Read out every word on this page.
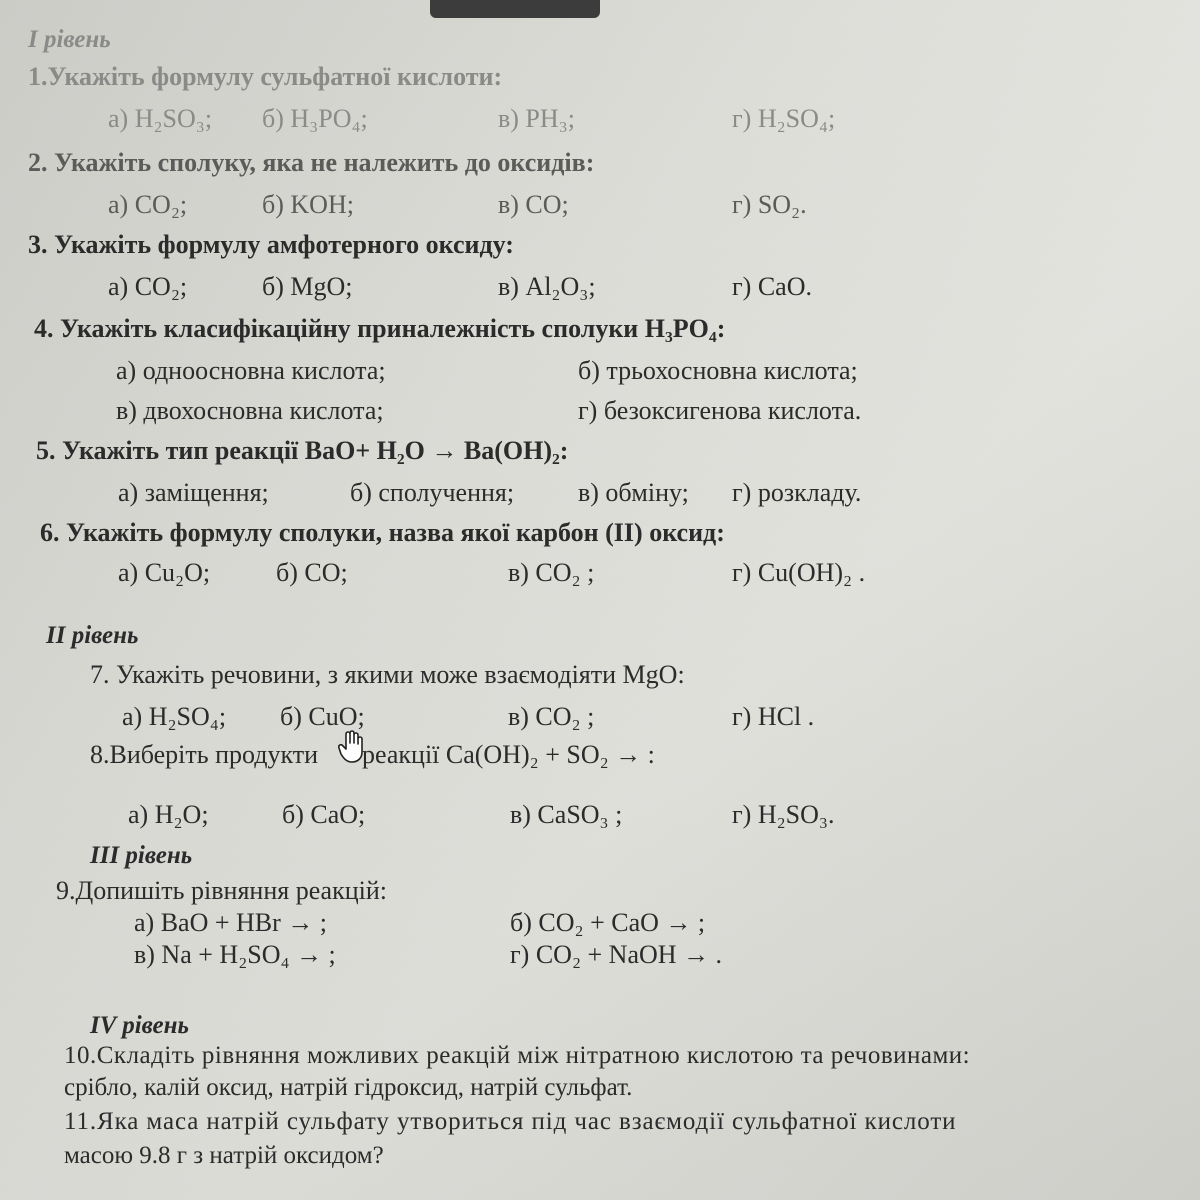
І рівень
1.Укажіть формулу сульфатної кислоти:
а) H₂SO₃; б) H₃PO₄;	в) PH₃;	г) H₂SO₄;
2. Укажіть сполуку, яка не належить до оксидів:
а) CO₂;	б) KOH;	в) CO;	г) SO₂.
3. Укажіть формулу амфотерного оксиду:
а) CO₂;	б) MgO;	в) Al₂O₃;	г) CaO.
4. Укажіть класифікаційну приналежність сполуки H₃PO₄:
а) одноосновна кислота;	б) трьохосновна кислота;
в) двохосновна кислота;	г) безоксигенова кислота.
5. Укажіть тип реакції BaO+ H₂O → Ba(OH)₂:
а) заміщення;	б) сполучення; в) обміну; г) розкладу.
6. Укажіть формулу сполуки, назва якої карбон (II) оксид:
а) Cu₂O;	б) CO;	в) CO₂ ;	г) Cu(OH)₂ .
II рівень
7. Укажіть речовини, з якими може взаємодіяти MgO:
а) H₂SO₄; б) CuO;	в) CO₂ ;	г) HCl .
8.Виберіть продукти реакції Ca(OH)₂ + SO₂ → :
а) H₂O;	б) CaO;	в) CaSO₃ ;	г) H₂SO₃.
III рівень
9.Допишіть рівняння реакцій:
а) BaO + HBr → ;	б) CO₂ + CaO → ;
в) Na + H₂SO₄ → ;	г) CO₂ + NaOH → .
IV рівень
10.Складіть рівняння можливих реакцій між нітратною кислотою та речовинами:
срібло, калій оксид, натрій гідроксид, натрій сульфат.
11.Яка маса натрій сульфату утвориться під час взаємодії сульфатної кислоти
масою 9.8 г з натрій оксидом?
